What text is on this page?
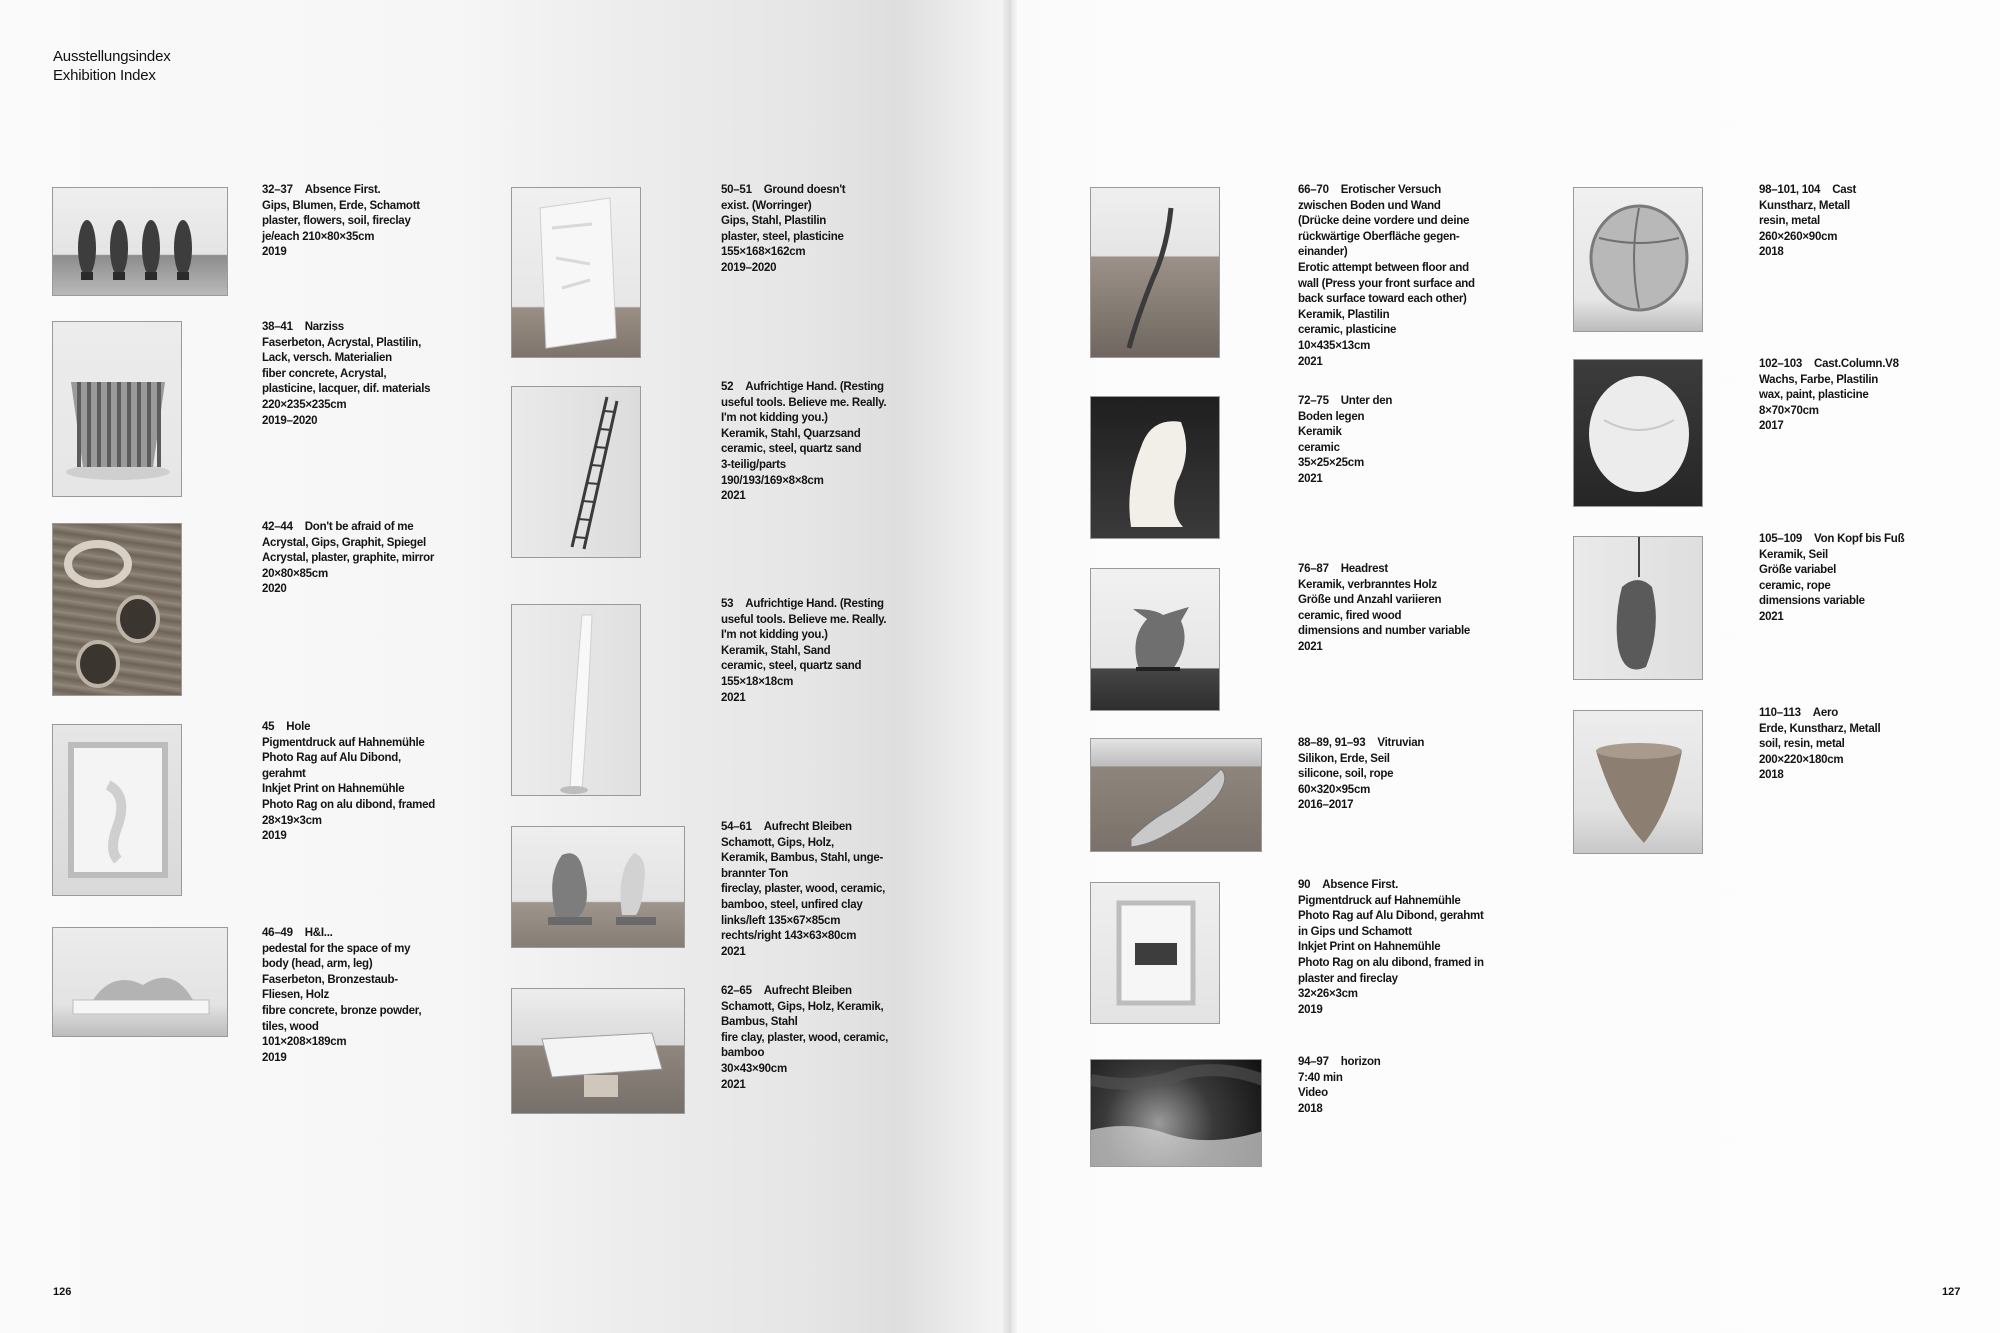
Ausstellungsindex
Exhibition Index
32–37 Absence First.
Gips, Blumen, Erde, Schamott
plaster, flowers, soil, fireclay
je/each 210×80×35cm
2019
38–41 Narziss
Faserbeton, Acrystal, Plastilin,
Lack, versch. Materialien
fiber concrete, Acrystal,
plasticine, lacquer, dif. materials
220×235×235cm
2019–2020
42–44 Don't be afraid of me
Acrystal, Gips, Graphit, Spiegel
Acrystal, plaster, graphite, mirror
20×80×85cm
2020
45 Hole
Pigmentdruck auf Hahnemühle
Photo Rag auf Alu Dibond,
gerahmt
Inkjet Print on Hahnemühle
Photo Rag on alu dibond, framed
28×19×3cm
2019
46–49 H&I...
pedestal for the space of my
body (head, arm, leg)
Faserbeton, Bronzestaub-
Fliesen, Holz
fibre concrete, bronze powder,
tiles, wood
101×208×189cm
2019
50–51 Ground doesn't
exist. (Worringer)
Gips, Stahl, Plastilin
plaster, steel, plasticine
155×168×162cm
2019–2020
52 Aufrichtige Hand. (Resting
useful tools. Believe me. Really.
I'm not kidding you.)
Keramik, Stahl, Quarzsand
ceramic, steel, quartz sand
3-teilig/parts
190/193/169×8×8cm
2021
53 Aufrichtige Hand. (Resting
useful tools. Believe me. Really.
I'm not kidding you.)
Keramik, Stahl, Sand
ceramic, steel, quartz sand
155×18×18cm
2021
54–61 Aufrecht Bleiben
Schamott, Gips, Holz,
Keramik, Bambus, Stahl, unge-
brannter Ton
fireclay, plaster, wood, ceramic,
bamboo, steel, unfired clay
links/left 135×67×85cm
rechts/right 143×63×80cm
2021
62–65 Aufrecht Bleiben
Schamott, Gips, Holz, Keramik,
Bambus, Stahl
fire clay, plaster, wood, ceramic,
bamboo
30×43×90cm
2021
66–70 Erotischer Versuch
zwischen Boden und Wand
(Drücke deine vordere und deine
rückwärtige Oberfläche gegen-
einander)
Erotic attempt between floor and
wall (Press your front surface and
back surface toward each other)
Keramik, Plastilin
ceramic, plasticine
10×435×13cm
2021
72–75 Unter den
Boden legen
Keramik
ceramic
35×25×25cm
2021
76–87 Headrest
Keramik, verbranntes Holz
Größe und Anzahl variieren
ceramic, fired wood
dimensions and number variable
2021
88–89, 91–93 Vitruvian
Silikon, Erde, Seil
silicone, soil, rope
60×320×95cm
2016–2017
90 Absence First.
Pigmentdruck auf Hahnemühle
Photo Rag auf Alu Dibond, gerahmt
in Gips und Schamott
Inkjet Print on Hahnemühle
Photo Rag on alu dibond, framed in
plaster and fireclay
32×26×3cm
2019
94–97 horizon
7:40 min
Video
2018
98–101, 104 Cast
Kunstharz, Metall
resin, metal
260×260×90cm
2018
102–103 Cast.Column.V8
Wachs, Farbe, Plastilin
wax, paint, plasticine
8×70×70cm
2017
105–109 Von Kopf bis Fuß
Keramik, Seil
Größe variabel
ceramic, rope
dimensions variable
2021
110–113 Aero
Erde, Kunstharz, Metall
soil, resin, metal
200×220×180cm
2018
126	127
